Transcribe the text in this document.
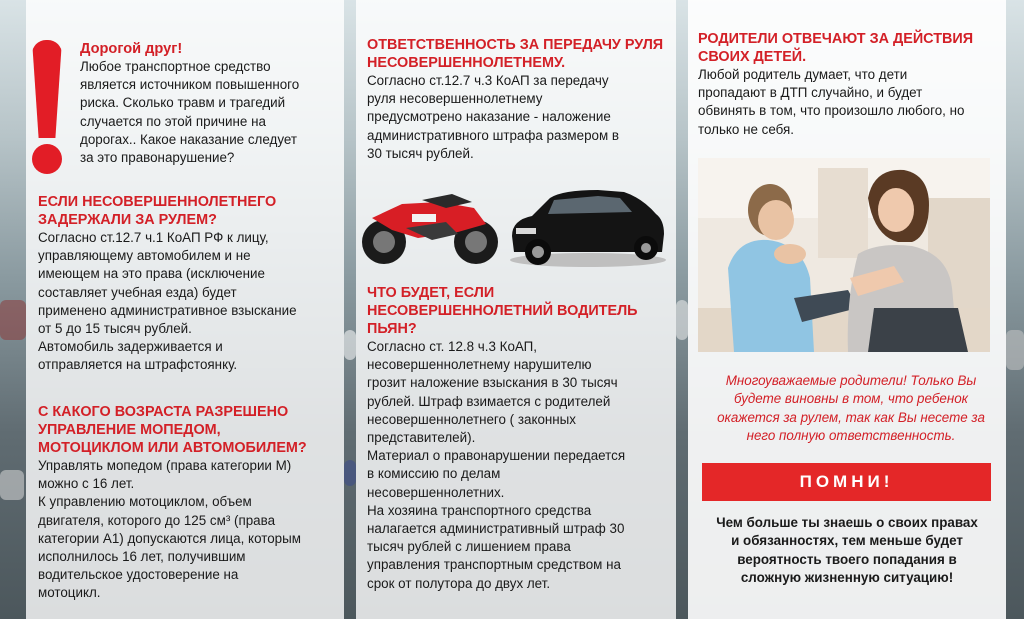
Дорогой друг!

Любое транспортное средство

является источником повышенного

риска. Сколько травм и трагедий

случается по этой причине на

дорогах.. Какое наказание следует

за это правонарушение?

ЕСЛИ НЕСОВЕРШЕННОЛЕТНЕГО

ЗАДЕРЖАЛИ ЗА РУЛЕМ?

Согласно ст.12.7 ч.1 КоАП РФ к лицу,

управляющему автомобилем и не

имеющем на это права (исключение

составляет учебная езда) будет

применено административное взыскание

от 5 до 15 тысяч рублей.

Автомобиль задерживается и

отправляется на штрафстоянку.

С КАКОГО ВОЗРАСТА РАЗРЕШЕНО

УПРАВЛЕНИЕ МОПЕДОМ,

МОТОЦИКЛОМ ИЛИ АВТОМОБИЛЕМ?

Управлять мопедом (права категории М)

можно с 16 лет.

К управлению мотоциклом, объем

двигателя, которого до 125 см³ (права

категории А1) допускаются лица, которым

исполнилось 16 лет, получившим

водительское удостоверение на

мотоцикл.

ОТВЕТСТВЕННОСТЬ ЗА ПЕРЕДАЧУ РУЛЯ

НЕСОВЕРШЕННОЛЕТНЕМУ.

Согласно ст.12.7 ч.3 КоАП за передачу

руля несовершеннолетнему

предусмотрено наказание - наложение

административного штрафа размером в

30 тысяч рублей.

ЧТО БУДЕТ, ЕСЛИ

НЕСОВЕРШЕННОЛЕТНИЙ ВОДИТЕЛЬ

ПЬЯН?

Согласно ст. 12.8 ч.3 КоАП,

несовершеннолетнему нарушителю

грозит наложение взыскания в 30 тысяч

рублей. Штраф взимается с родителей

несовершеннолетнего ( законных

представителей).

Материал о правонарушении передается

в комиссию по делам

несовершеннолетних.

На хозяина транспортного средства

налагается административный штраф 30

тысяч рублей с лишением права

управления транспортным средством на

срок от полутора до двух лет.

РОДИТЕЛИ ОТВЕЧАЮТ ЗА ДЕЙСТВИЯ

СВОИХ ДЕТЕЙ.

Любой родитель думает, что дети

пропадают в ДТП случайно, и будет

обвинять в том, что произошло любого, но

только не себя.

Многоуважаемые родители! Только Вы

будете виновны в том, что ребенок

окажется за рулем, так как Вы несете за

него полную ответственность.

ПОМНИ!

Чем больше ты знаешь о своих правах

и обязанностях, тем меньше будет

вероятность твоего попадания в

сложную жизненную ситуацию!
